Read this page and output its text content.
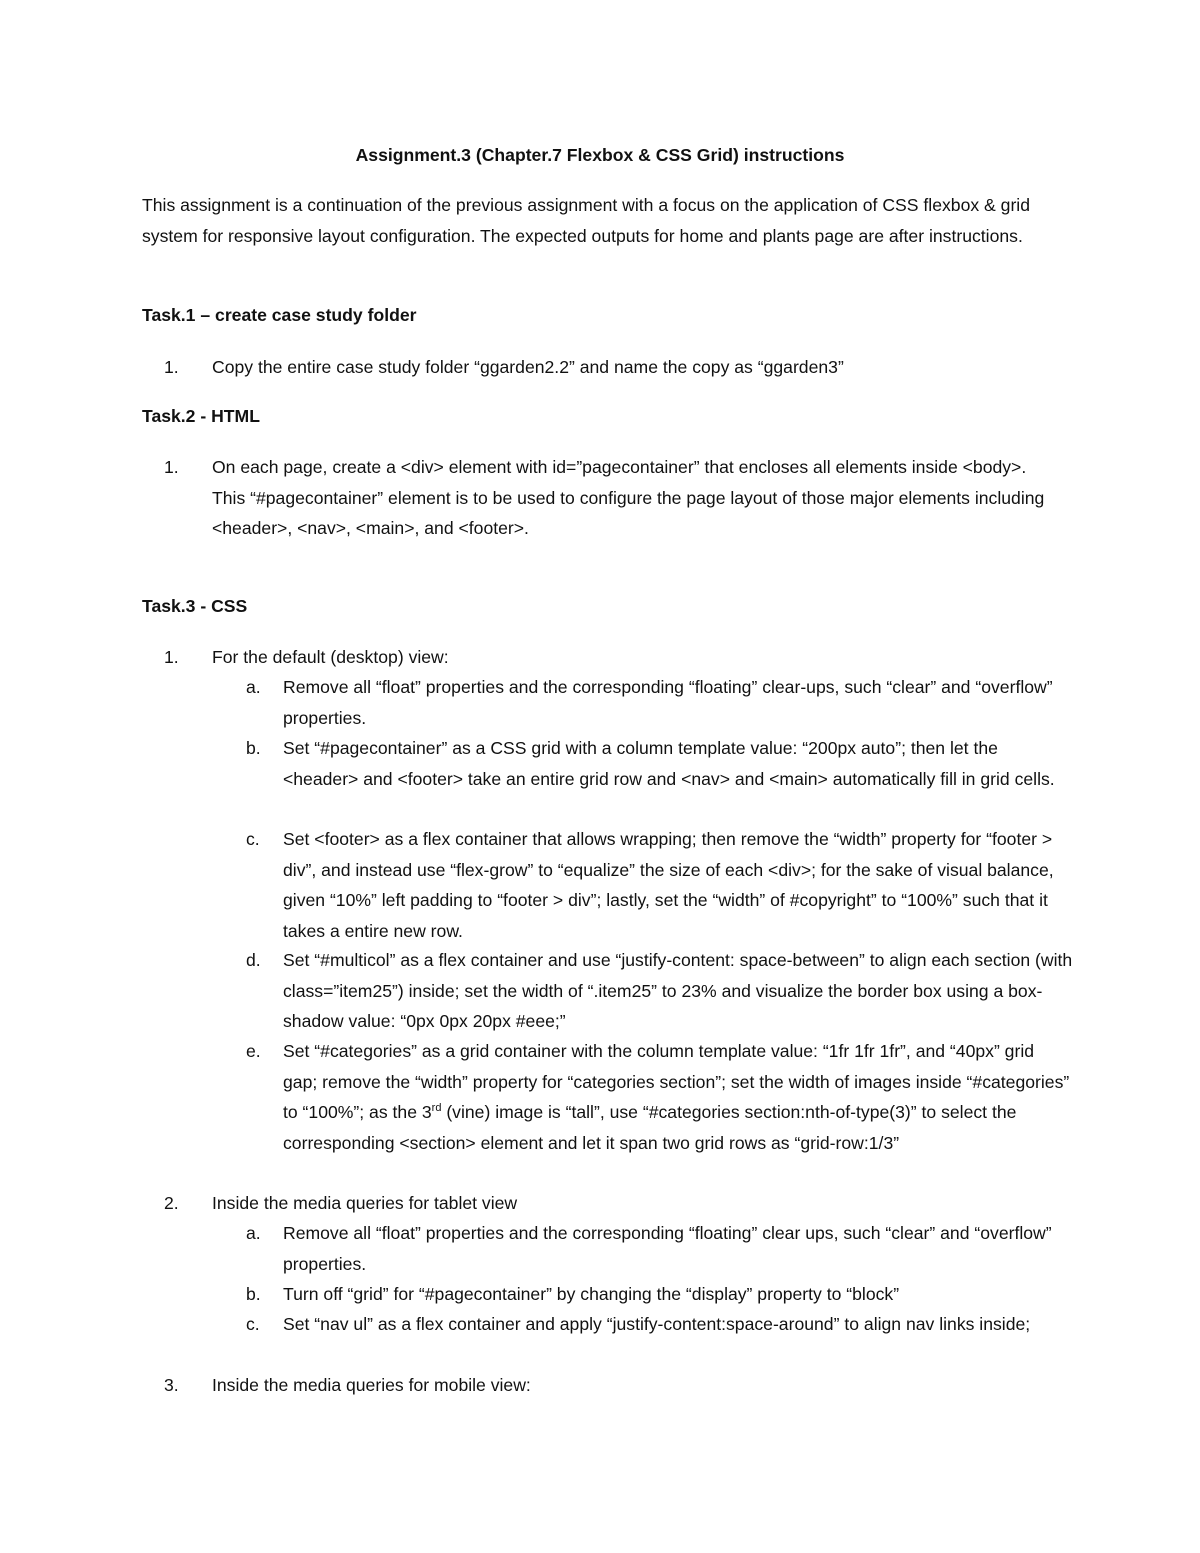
Assignment.3 (Chapter.7 Flexbox & CSS Grid) instructions
This assignment is a continuation of the previous assignment with a focus on the application of CSS flexbox & grid system for responsive layout configuration. The expected outputs for home and plants page are after instructions.
Task.1 – create case study folder
1. Copy the entire case study folder “ggarden2.2” and name the copy as “ggarden3”
Task.2 - HTML
1. On each page, create a <div> element with id=”pagecontainer” that encloses all elements inside <body>. This “#pagecontainer” element is to be used to configure the page layout of those major elements including <header>, <nav>, <main>, and <footer>.
Task.3 - CSS
1. For the default (desktop) view:
a. Remove all “float” properties and the corresponding “floating” clear-ups, such “clear” and “overflow” properties.
b. Set “#pagecontainer” as a CSS grid with a column template value: “200px auto”; then let the <header> and <footer> take an entire grid row and <nav> and <main> automatically fill in grid cells.
c. Set <footer> as a flex container that allows wrapping; then remove the “width” property for “footer > div”, and instead use “flex-grow” to “equalize” the size of each <div>; for the sake of visual balance, given “10%” left padding to “footer > div”; lastly, set the “width” of #copyright” to “100%” such that it takes a entire new row.
d. Set “#multicol” as a flex container and use “justify-content: space-between” to align each section (with class=”item25”) inside; set the width of “.item25” to 23% and visualize the border box using a box-shadow value: “0px 0px 20px #eee;”
e. Set “#categories” as a grid container with the column template value: “1fr 1fr 1fr”, and “40px” grid gap; remove the “width” property for “categories section”; set the width of images inside “#categories” to “100%”; as the 3rd (vine) image is “tall”, use “#categories section:nth-of-type(3)” to select the corresponding <section> element and let it span two grid rows as “grid-row:1/3”
2. Inside the media queries for tablet view
a. Remove all “float” properties and the corresponding “floating” clear ups, such “clear” and “overflow” properties.
b. Turn off “grid” for “#pagecontainer” by changing the “display” property to “block”
c. Set “nav ul” as a flex container and apply “justify-content:space-around” to align nav links inside;
3. Inside the media queries for mobile view:
